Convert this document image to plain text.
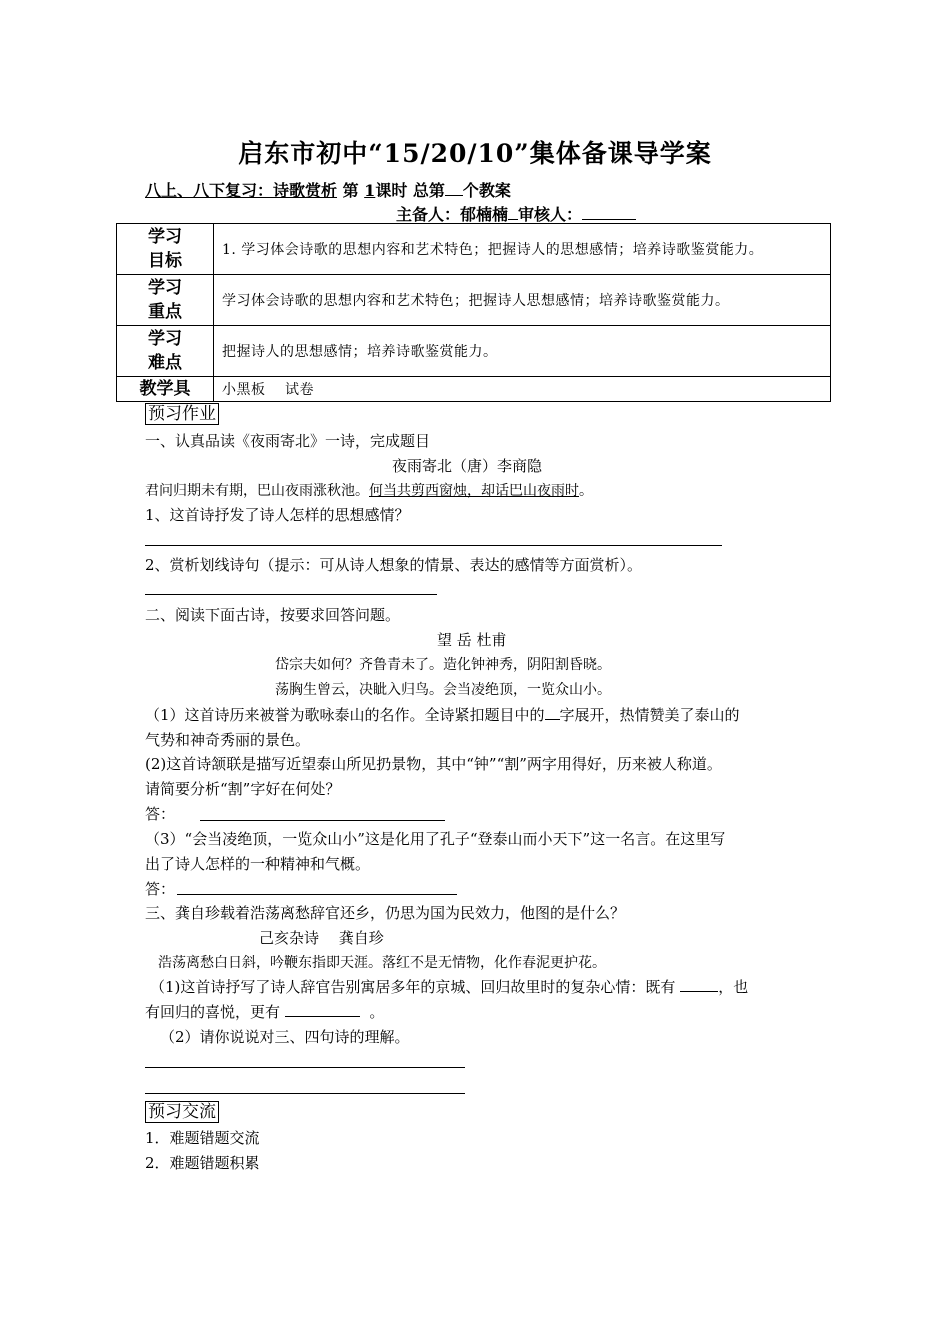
启东市初中“15/20/10”集体备课导学案
八上、八下复习：诗歌赏析 第 1课时 总第 个教案
主备人：郁楠楠 审核人：
学习
目标	1. 学习体会诗歌的思想内容和艺术特色；把握诗人的思想感情；培养诗歌鉴赏能力。

学习
重点	学习体会诗歌的思想内容和艺术特色；把握诗人思想感情；培养诗歌鉴赏能力。

学习
难点	把握诗人的思想感情；培养诗歌鉴赏能力。
教学具	小黑板　 试卷
预习作业
一、认真品读《夜雨寄北》一诗，完成题目
夜雨寄北（唐）李商隐
君问归期未有期，巴山夜雨涨秋池。何当共剪西窗烛，却话巴山夜雨时。
1、这首诗抒发了诗人怎样的思想感情？
2、赏析划线诗句（提示：可从诗人想象的情景、表达的感情等方面赏析）。
二、阅读下面古诗，按要求回答问题。
望 岳 杜甫
岱宗夫如何？齐鲁青未了。造化钟神秀，阴阳割昏晓。
荡胸生曾云，决眦入归鸟。会当凌绝顶，一览众山小。
（1）这首诗历来被誉为歌咏泰山的名作。全诗紧扣题目中的 字展开，热情赞美了泰山的
气势和神奇秀丽的景色。
(2)这首诗颔联是描写近望泰山所见扔景物，其中“钟”“割”两字用得好，历来被人称道。
请简要分析“割”字好在何处？
答：
（3）“会当凌绝顶，一览众山小”这是化用了孔子“登泰山而小天下”这一名言。在这里写
出了诗人怎样的一种精神和气概。
答：
三、龚自珍载着浩荡离愁辞官还乡，仍思为国为民效力，他图的是什么？
己亥杂诗　 龚自珍
浩荡离愁白日斜，吟鞭东指即天涯。落红不是无情物，化作春泥更护花。
（1)这首诗抒写了诗人辞官告别寓居多年的京城、回归故里时的复杂心情：既有	，也
有回归的喜悦，更有	。
（2）请你说说对三、四句诗的理解。
预习交流
1．难题错题交流
2．难题错题积累
